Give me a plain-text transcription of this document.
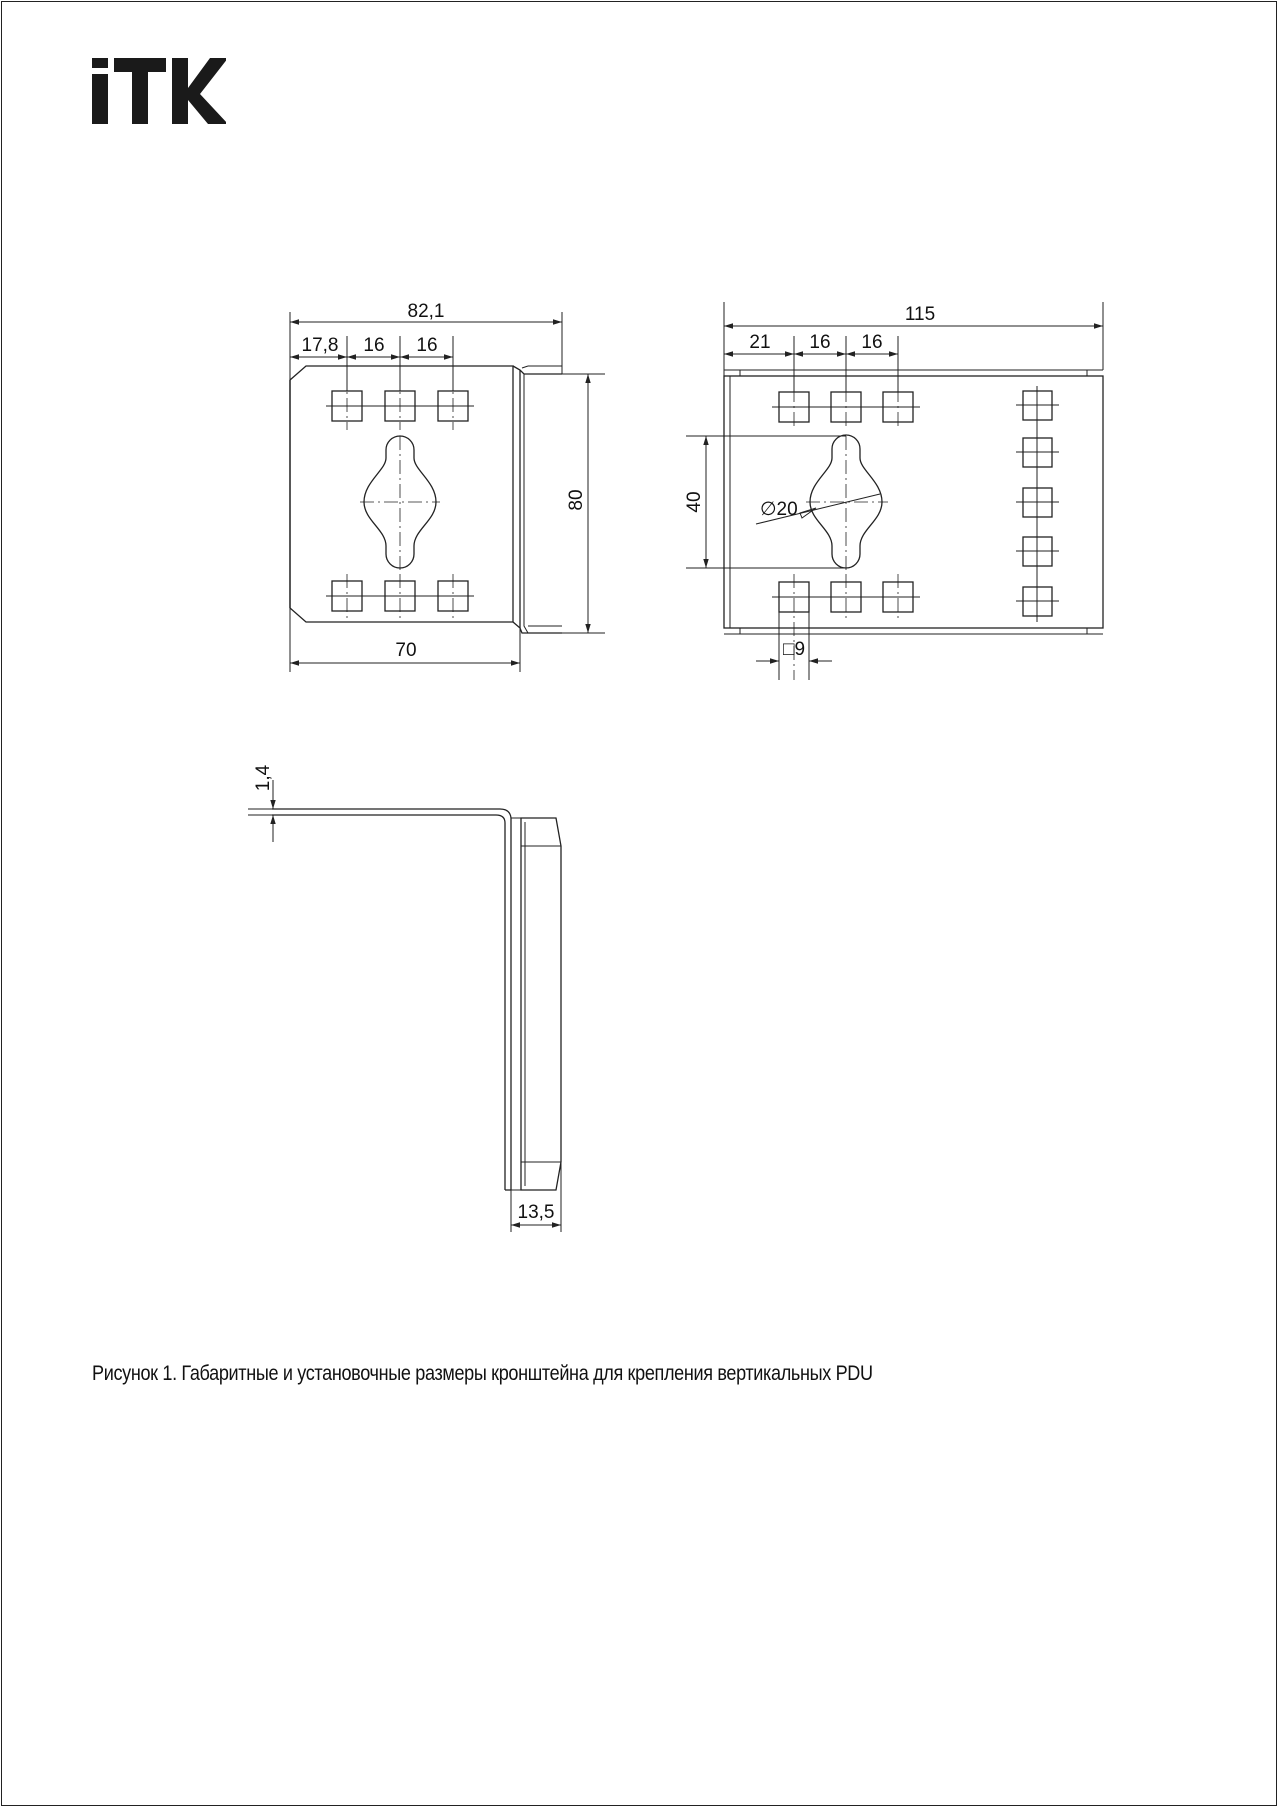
82,1
17,8 16 16
80
70
115
21 16 16
40	∅20
□9
1,4
13,5
Рисунок 1. Габаритные и установочные размеры кронштейна для крепления вертикальных PDU
